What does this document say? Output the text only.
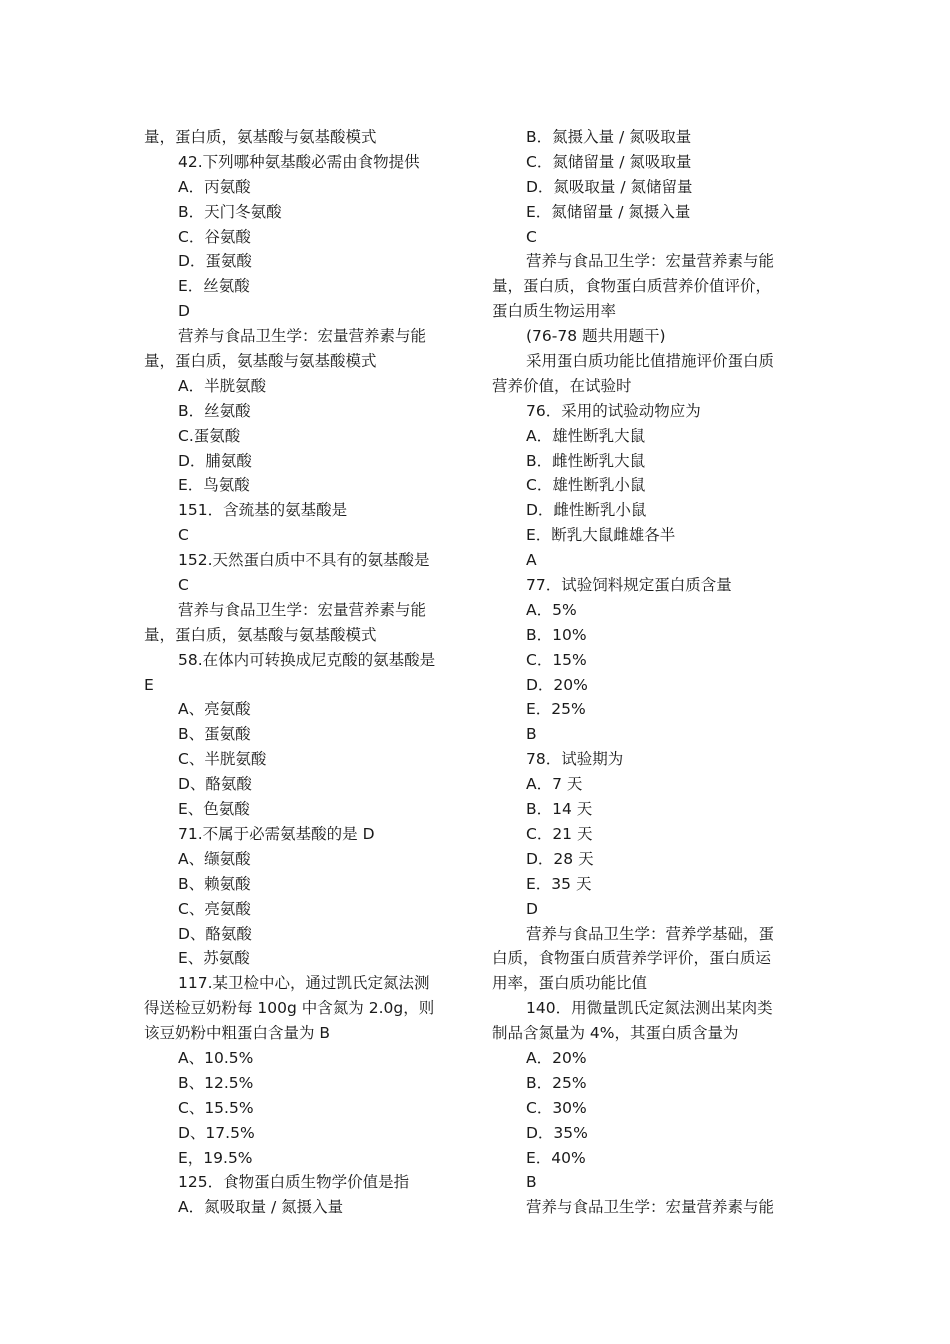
量，蛋白质，氨基酸与氨基酸模式
42.下列哪种氨基酸必需由食物提供
A．丙氨酸
B．天门冬氨酸
C．谷氨酸
D．蛋氨酸
E．丝氨酸
D
营养与食品卫生学：宏量营养素与能
量，蛋白质，氨基酸与氨基酸模式
A．半胱氨酸
B．丝氨酸
C.蛋氨酸
D．脯氨酸
E．鸟氨酸
151．含巯基的氨基酸是
C
152.天然蛋白质中不具有的氨基酸是
C
营养与食品卫生学：宏量营养素与能
量，蛋白质，氨基酸与氨基酸模式
58.在体内可转换成尼克酸的氨基酸是
E
A、亮氨酸
B、蛋氨酸
C、半胱氨酸
D、酪氨酸
E、色氨酸
71.不属于必需氨基酸的是 D
A、缬氨酸
B、赖氨酸
C、亮氨酸
D、酪氨酸
E、苏氨酸
117.某卫检中心，通过凯氏定氮法测
得送检豆奶粉每 100g 中含氮为 2.0g，则
该豆奶粉中粗蛋白含量为 B
A、10.5%
B、12.5%
C、15.5%
D、17.5%
E，19.5%
125．食物蛋白质生物学价值是指
A．氮吸取量 / 氮摄入量
B．氮摄入量 / 氮吸取量
C．氮储留量 / 氮吸取量
D．氮吸取量 / 氮储留量
E．氮储留量 / 氮摄入量
C
营养与食品卫生学：宏量营养素与能
量，蛋白质，食物蛋白质营养价值评价，
蛋白质生物运用率
(76-78 题共用题干)
采用蛋白质功能比值措施评价蛋白质
营养价值，在试验时
76．采用的试验动物应为
A．雄性断乳大鼠
B．雌性断乳大鼠
C．雄性断乳小鼠
D．雌性断乳小鼠
E．断乳大鼠雌雄各半
A
77．试验饲料规定蛋白质含量
A．5%
B．10%
C．15%
D．20%
E．25%
B
78．试验期为
A．7 天
B．14 天
C．21 天
D．28 天
E．35 天
D
营养与食品卫生学：营养学基础，蛋
白质，食物蛋白质营养学评价，蛋白质运
用率，蛋白质功能比值
140．用微量凯氏定氮法测出某肉类
制品含氮量为 4%，其蛋白质含量为
A．20%
B．25%
C．30%
D．35%
E．40%
B
营养与食品卫生学：宏量营养素与能
